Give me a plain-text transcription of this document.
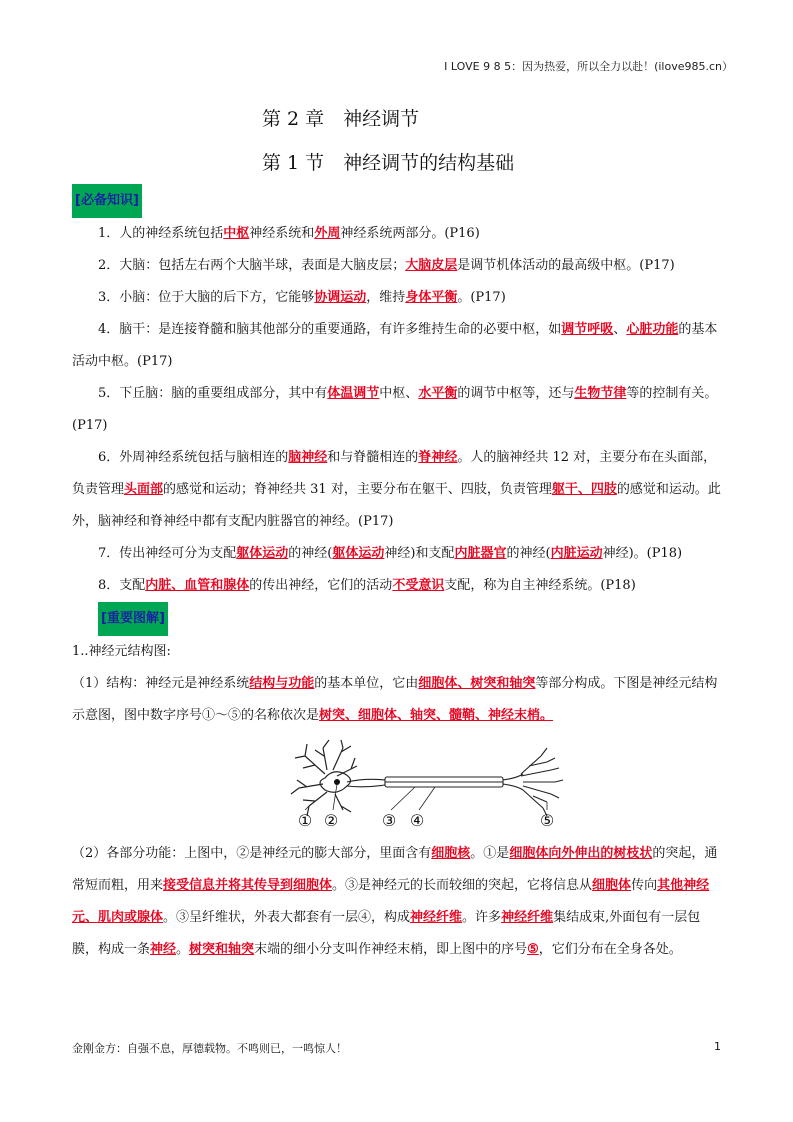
I LOVE 9 8 5：因为热爱，所以全力以赴！(ilove985.cn）
第 2 章　神经调节
第 1 节　神经调节的结构基础

[必备知识]

1．人的神经系统包括中枢神经系统和外周神经系统两部分。(P16)

2．大脑：包括左右两个大脑半球，表面是大脑皮层；大脑皮层是调节机体活动的最高级中枢。(P17)

3．小脑：位于大脑的后下方，它能够协调运动，维持身体平衡。(P17)

4．脑干：是连接脊髓和脑其他部分的重要通路，有许多维持生命的必要中枢，如调节呼吸、心脏功能的基本活动中枢。(P17)

5．下丘脑：脑的重要组成部分，其中有体温调节中枢、水平衡的调节中枢等，还与生物节律等的控制有关。(P17)

6．外周神经系统包括与脑相连的脑神经和与脊髓相连的脊神经。人的脑神经共 12 对，主要分布在头面部，负责管理头面部的感觉和运动；脊神经共 31 对，主要分布在躯干、四肢，负责管理躯干、四肢的感觉和运动。此外，脑神经和脊神经中都有支配内脏器官的神经。(P17)

7．传出神经可分为支配躯体运动的神经(躯体运动神经)和支配内脏器官的神经(内脏运动神经)。(P18)

8．支配内脏、血管和腺体的传出神经，它们的活动不受意识支配，称为自主神经系统。(P18)

[重要图解]

1..神经元结构图:

（1）结构：神经元是神经系统结构与功能的基本单位，它由细胞体、树突和轴突等部分构成。下图是神经元结构示意图，图中数字序号①～⑤的名称依次是树突、细胞体、轴突、髓鞘、神经末梢。

① ②	③ ④	⑤

（2）各部分功能：上图中，②是神经元的膨大部分，里面含有细胞核。①是细胞体向外伸出的树枝状的突起，通常短而粗，用来接受信息并将其传导到细胞体。③是神经元的长而较细的突起，它将信息从细胞体传向其他神经元、肌肉或腺体。③呈纤维状，外表大都套有一层④，构成神经纤维。许多神经纤维集结成束,外面包有一层包膜，构成一条神经。树突和轴突末端的细小分支叫作神经末梢，即上图中的序号⑤，它们分布在全身各处。

金刚金方：自强不息，厚德载物。不鸣则已，一鸣惊人！	1
